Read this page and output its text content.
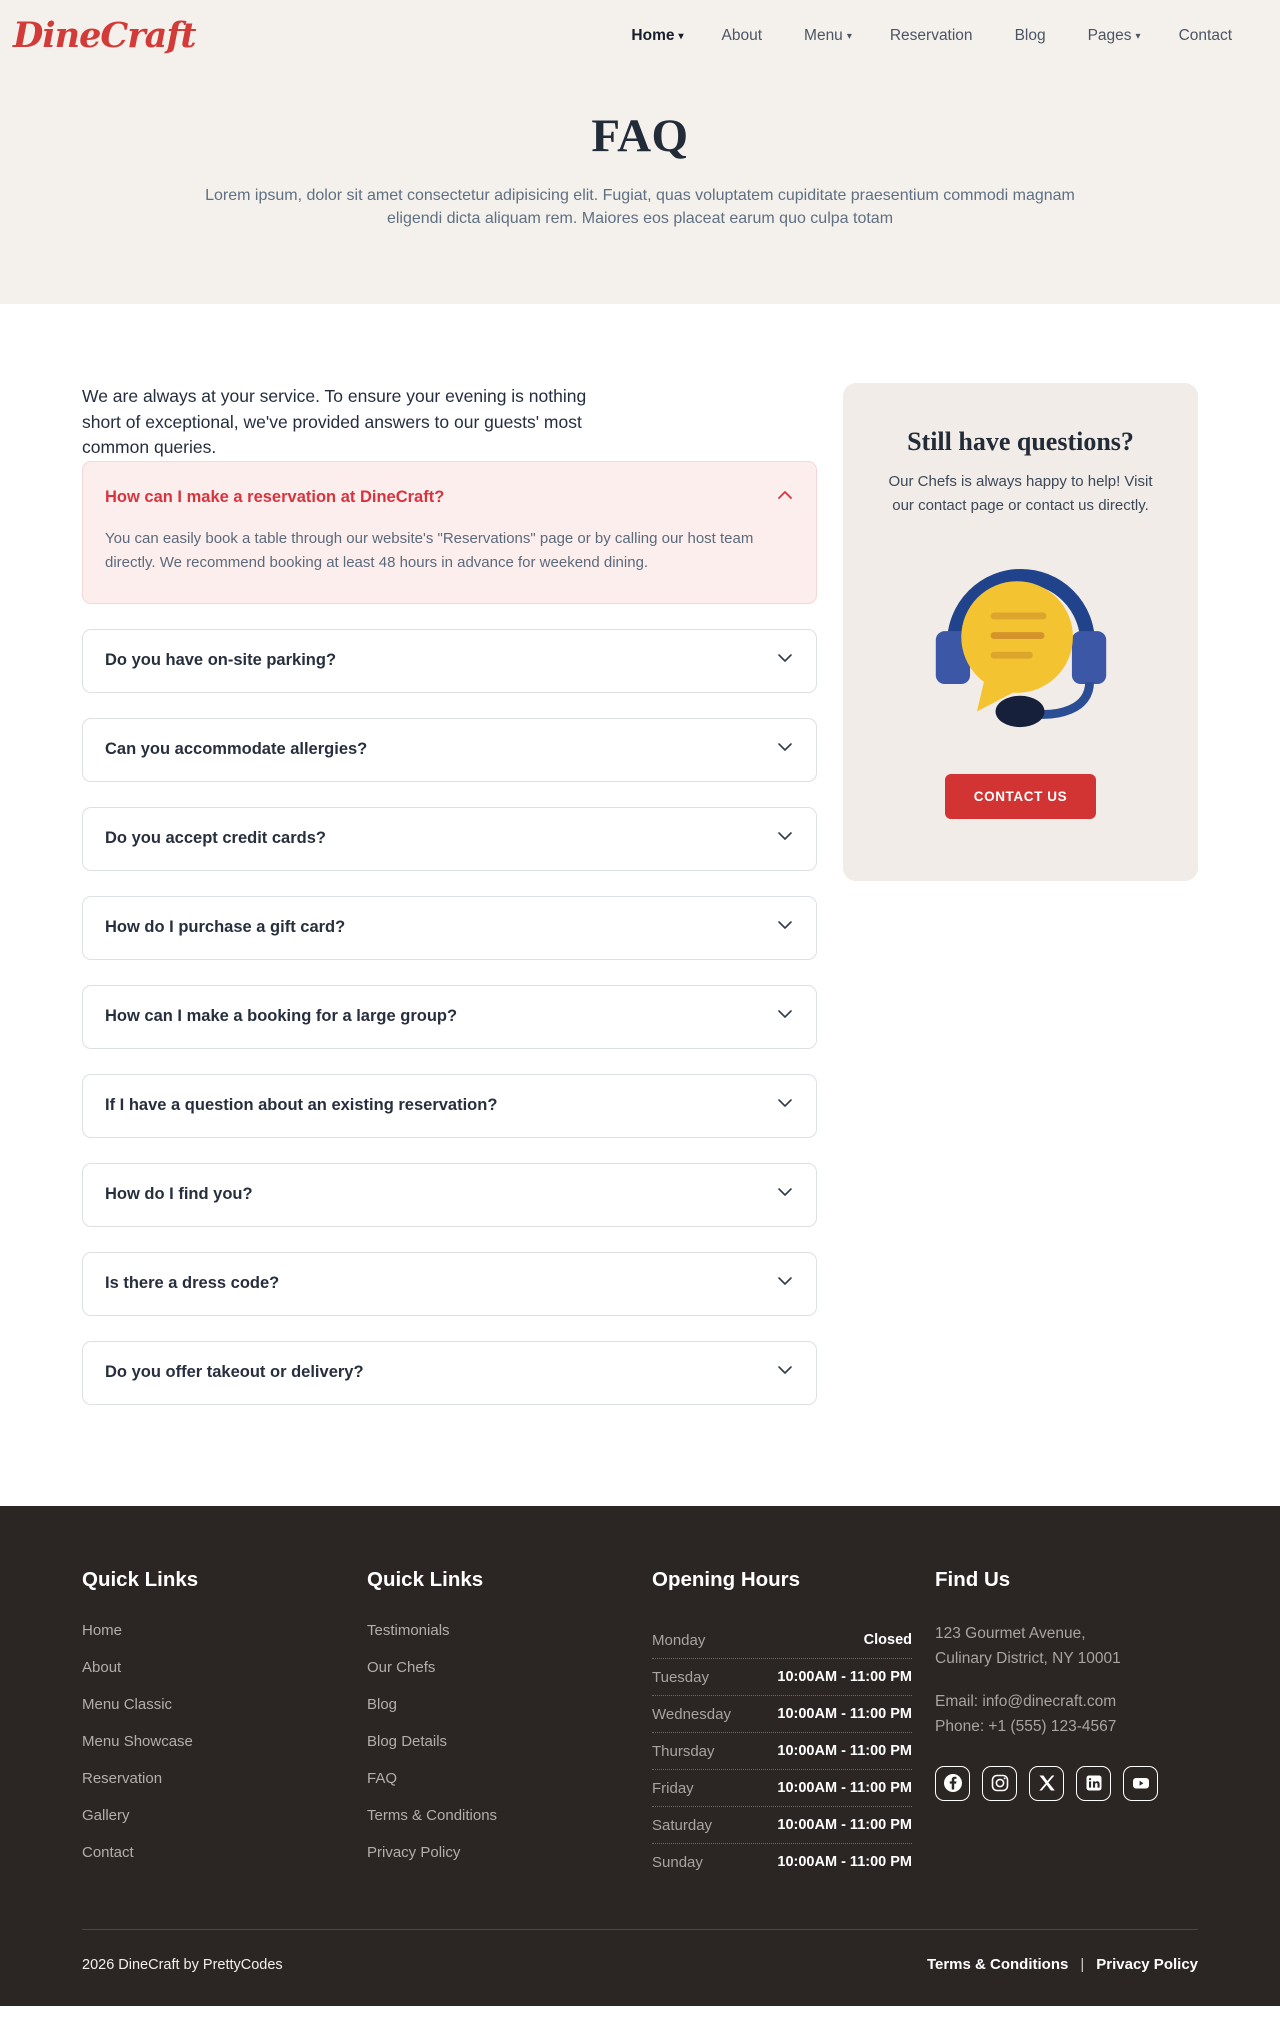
DineCraft	Home ▾	About	Menu ▾	Reservation	Blog	Pages ▾	Contact
FAQ
Lorem ipsum, dolor sit amet consectetur adipisicing elit. Fugiat, quas voluptatem cupiditate praesentium commodi magnam eligendi dicta aliquam rem. Maiores eos placeat earum quo culpa totam

We are always at your service. To ensure your evening is nothing short of exceptional, we've provided answers to our guests' most common queries.

How can I make a reservation at DineCraft?
You can easily book a table through our website's "Reservations" page or by calling our host team directly. We recommend booking at least 48 hours in advance for weekend dining.
Do you have on-site parking?
Can you accommodate allergies?
Do you accept credit cards?
How do I purchase a gift card?
How can I make a booking for a large group?
If I have a question about an existing reservation?
How do I find you?
Is there a dress code?
Do you offer takeout or delivery?
Still have questions?
Our Chefs is always happy to help! Visit our contact page or contact us directly.
CONTACT US
Quick Links
Home
About
Menu Classic
Menu Showcase
Reservation
Gallery
Contact
Quick Links
Testimonials
Our Chefs
Blog
Blog Details
FAQ
Terms & Conditions
Privacy Policy
Opening Hours
Monday	Closed
Tuesday	10:00AM - 11:00 PM
Wednesday	10:00AM - 11:00 PM
Thursday	10:00AM - 11:00 PM
Friday	10:00AM - 11:00 PM
Saturday	10:00AM - 11:00 PM
Sunday	10:00AM - 11:00 PM
Find Us
123 Gourmet Avenue,
Culinary District, NY 10001
Email: info@dinecraft.com
Phone: +1 (555) 123-4567
2026 DineCraft by PrettyCodes	Terms & Conditions | Privacy Policy
